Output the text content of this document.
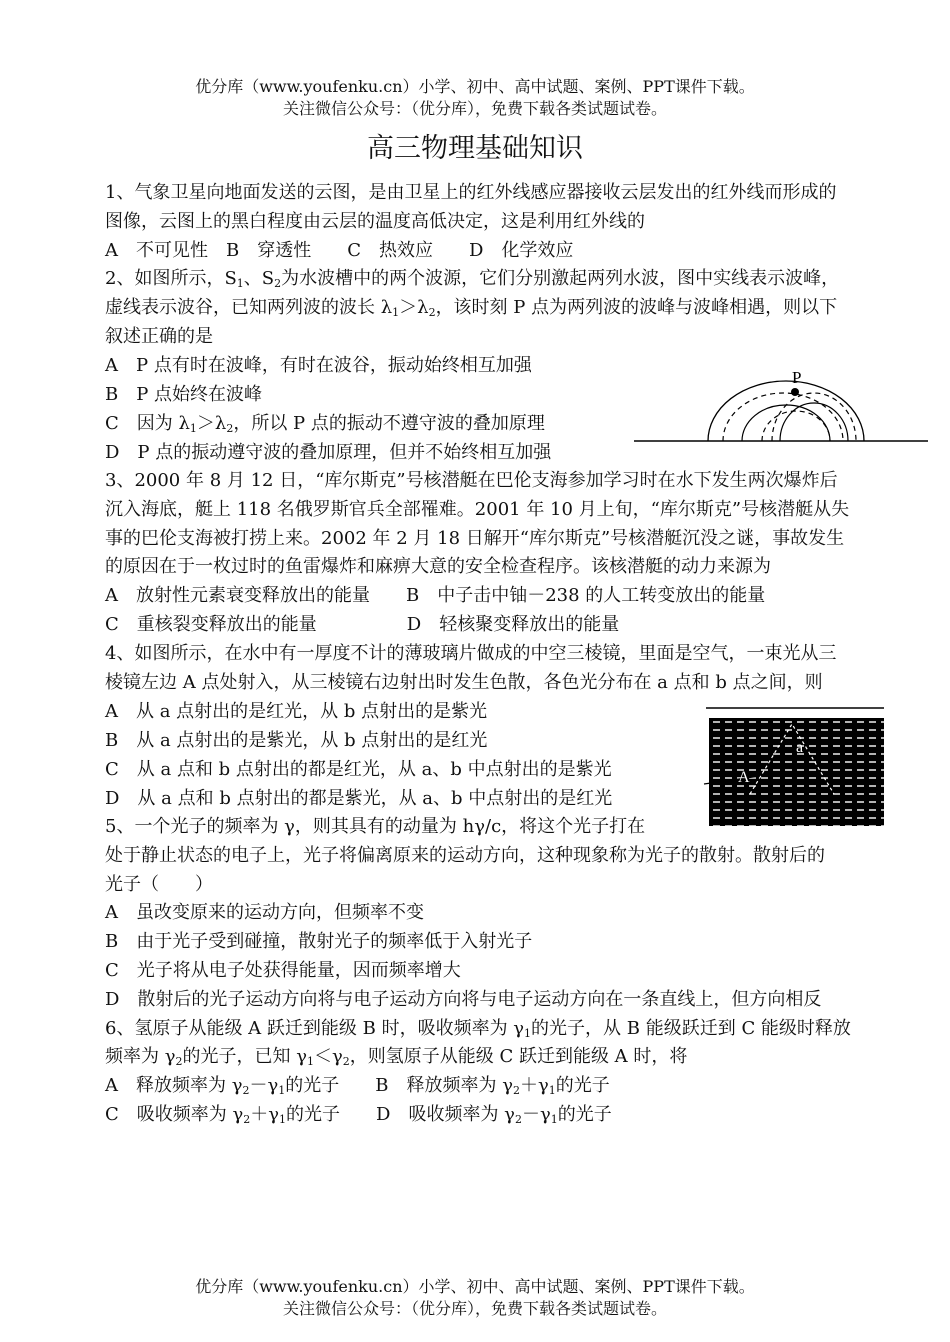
优分库（www.youfenku.cn）小学、初中、高中试题、案例、PPT课件下载。
关注微信公众号：（优分库），免费下载各类试题试卷。
高三物理基础知识
1、气象卫星向地面发送的云图，是由卫星上的红外线感应器接收云层发出的红外线而形成的
图像，云图上的黑白程度由云层的温度高低决定，这是利用红外线的
A　不可见性　B　穿透性　　C　热效应　　D　化学效应
2、如图所示，$S_1$、$S_2$为水波槽中的两个波源，它们分别激起两列水波，图中实线表示波峰，
虚线表示波谷，已知两列波的波长 $\lambda_1>\lambda_2$，该时刻 P 点为两列波的波峰与波峰相遇，则以下
叙述正确的是
A　P 点有时在波峰，有时在波谷，振动始终相互加强
B　P 点始终在波峰
C　因为 $\lambda_1>\lambda_2$，所以 P 点的振动不遵守波的叠加原理
D　P 点的振动遵守波的叠加原理，但并不始终相互加强
P
3、2000 年 8 月 12 日，“库尔斯克”号核潜艇在巴伦支海参加学习时在水下发生两次爆炸后
沉入海底，艇上 118 名俄罗斯官兵全部罹难。2001 年 10 月上旬，“库尔斯克”号核潜艇从失
事的巴伦支海被打捞上来。2002 年 2 月 18 日解开“库尔斯克”号核潜艇沉没之谜，事故发生
的原因在于一枚过时的鱼雷爆炸和麻痹大意的安全检查程序。该核潜艇的动力来源为
A　放射性元素衰变释放出的能量　　B　中子击中铀－238 的人工转变放出的能量
C　重核裂变释放出的能量　　　　　D　轻核聚变释放出的能量
4、如图所示，在水中有一厚度不计的薄玻璃片做成的中空三棱镜，里面是空气，一束光从三
棱镜左边 A 点处射入，从三棱镜右边射出时发生色散，各色光分布在 a 点和 b 点之间，则
A　从 a 点射出的是红光，从 b 点射出的是紫光
B　从 a 点射出的是紫光，从 b 点射出的是红光
C　从 a 点和 b 点射出的都是红光，从 a、b 中点射出的是紫光
D　从 a 点和 b 点射出的都是紫光，从 a、b 中点射出的是红光
A
a
5、一个光子的频率为 γ，则其具有的动量为 hγ/c，将这个光子打在
处于静止状态的电子上，光子将偏离原来的运动方向，这种现象称为光子的散射。散射后的
光子（　　）
A　虽改变原来的运动方向，但频率不变
B　由于光子受到碰撞，散射光子的频率低于入射光子
C　光子将从电子处获得能量，因而频率增大
D　散射后的光子运动方向将与电子运动方向将与电子运动方向在一条直线上，但方向相反
6、氢原子从能级 A 跃迁到能级 B 时，吸收频率为 $\gamma_1$的光子，从 B 能级跃迁到 C 能级时释放
频率为 $\gamma_2$的光子，已知 $\gamma_1<\gamma_2$，则氢原子从能级 C 跃迁到能级 A 时，将
A　释放频率为 $\gamma_2-\gamma_1$的光子　　B　释放频率为 $\gamma_2+\gamma_1$的光子
C　吸收频率为 $\gamma_2+\gamma_1$的光子　　D　吸收频率为 $\gamma_2-\gamma_1$的光子
优分库（www.youfenku.cn）小学、初中、高中试题、案例、PPT课件下载。
关注微信公众号：（优分库），免费下载各类试题试卷。
